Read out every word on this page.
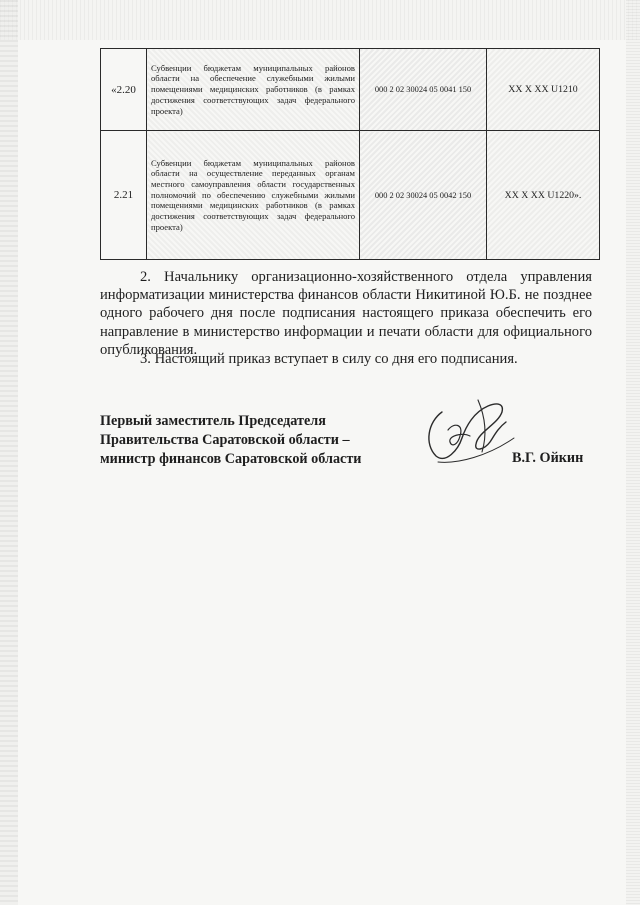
«2.20	Субвенции бюджетам муниципальных районов области на обеспечение служебными жилыми помещениями медицинских работников (в рамках достижения соответствующих задач федерального проекта)	000 2 02 30024 05 0041 150	XX X XX U1210
2.21	Субвенции бюджетам муниципальных районов области на осуществление переданных органам местного самоуправления области государственных полномочий по обеспечению служебными жилыми помещениями медицинских работников (в рамках достижения соответствующих задач федерального проекта)	000 2 02 30024 05 0042 150	XX X XX U1220».
2. Начальнику организационно-хозяйственного отдела управления информатизации министерства финансов области Никитиной Ю.Б. не позднее одного рабочего дня после подписания настоящего приказа обеспечить его направление в министерство информации и печати области для официального опубликования.
3. Настоящий приказ вступает в силу со дня его подписания.
Первый заместитель Председателя
Правительства Саратовской области –
министр финансов Саратовской области	В.Г. Ойкин
